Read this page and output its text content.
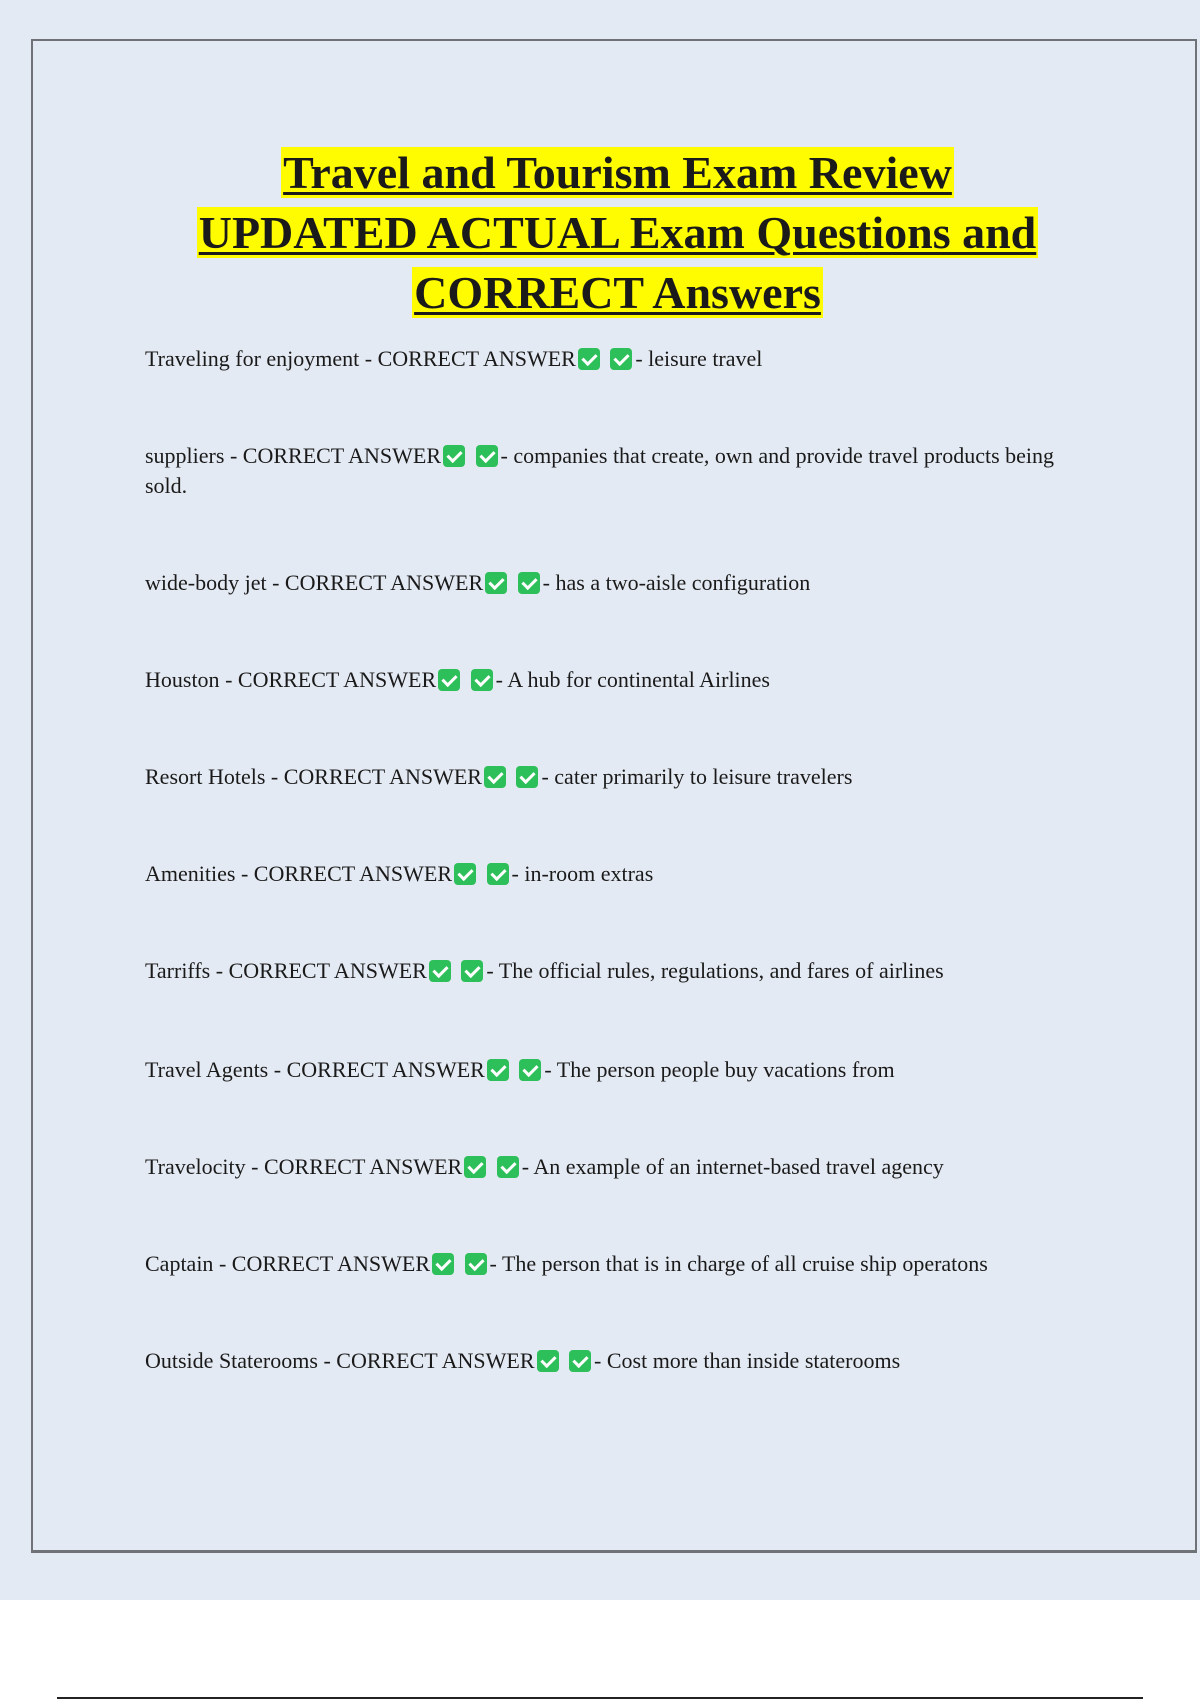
Travel and Tourism Exam Review
UPDATED ACTUAL Exam Questions and
CORRECT Answers

Traveling for enjoyment - CORRECT ANSWER	- leisure travel

suppliers - CORRECT ANSWER	- companies that create, own and provide travel products being sold.

wide-body jet - CORRECT ANSWER	- has a two-aisle configuration

Houston - CORRECT ANSWER	- A hub for continental Airlines

Resort Hotels - CORRECT ANSWER	- cater primarily to leisure travelers

Amenities - CORRECT ANSWER	- in-room extras

Tarriffs - CORRECT ANSWER	- The official rules, regulations, and fares of airlines

Travel Agents - CORRECT ANSWER	- The person people buy vacations from

Travelocity - CORRECT ANSWER	- An example of an internet-based travel agency

Captain - CORRECT ANSWER	- The person that is in charge of all cruise ship operatons

Outside Staterooms - CORRECT ANSWER	- Cost more than inside staterooms
